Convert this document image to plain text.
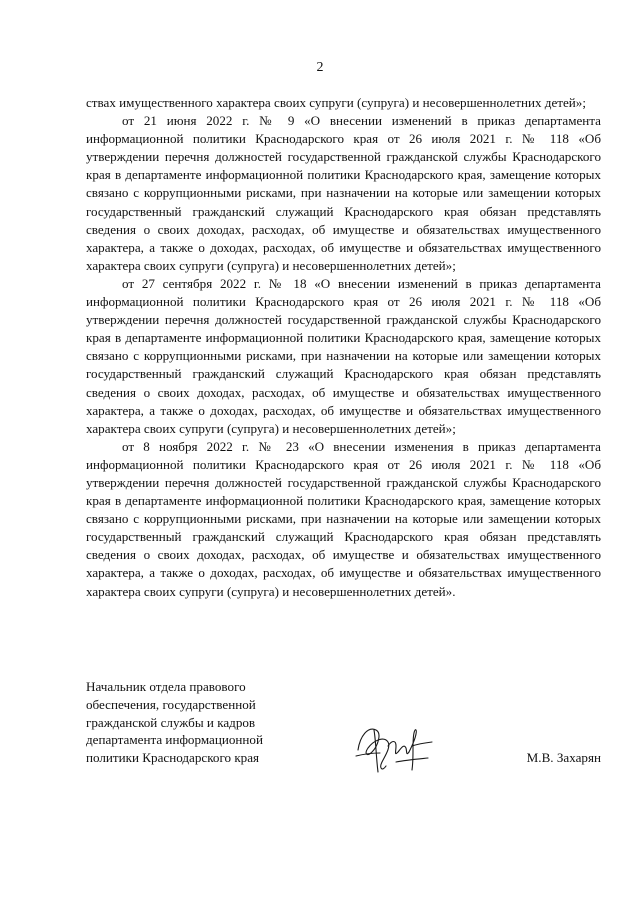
2

ствах имущественного характера своих супруги (супруга) и несовершеннолетних детей»;

от 21 июня 2022 г. № 9 «О внесении изменений в приказ департамента информационной политики Краснодарского края от 26 июля 2021 г. № 118 «Об утверждении перечня должностей государственной гражданской службы Краснодарского края в департаменте информационной политики Краснодарского края, замещение которых связано с коррупционными рисками, при назначении на которые или замещении которых государственный гражданский служащий Краснодарского края обязан представлять сведения о своих доходах, расходах, об имуществе и обязательствах имущественного характера, а также о доходах, расходах, об имуществе и обязательствах имущественного характера своих супруги (супруга) и несовершеннолетних детей»;

от 27 сентября 2022 г. № 18 «О внесении изменений в приказ департамента информационной политики Краснодарского края от 26 июля 2021 г. № 118 «Об утверждении перечня должностей государственной гражданской службы Краснодарского края в департаменте информационной политики Краснодарского края, замещение которых связано с коррупционными рисками, при назначении на которые или замещении которых государственный гражданский служащий Краснодарского края обязан представлять сведения о своих доходах, расходах, об имуществе и обязательствах имущественного характера, а также о доходах, расходах, об имуществе и обязательствах имущественного характера своих супруги (супруга) и несовершеннолетних детей»;

от 8 ноября 2022 г. № 23 «О внесении изменения в приказ департамента информационной политики Краснодарского края от 26 июля 2021 г. № 118 «Об утверждении перечня должностей государственной гражданской службы Краснодарского края в департаменте информационной политики Краснодарского края, замещение которых связано с коррупционными рисками, при назначении на которые или замещении которых государственный гражданский служащий Краснодарского края обязан представлять сведения о своих доходах, расходах, об имуществе и обязательствах имущественного характера, а также о доходах, расходах, об имуществе и обязательствах имущественного характера своих супруги (супруга) и несовершеннолетних детей».

Начальник отдела правового
обеспечения, государственной
гражданской службы и кадров
департамента информационной
политики Краснодарского края	М.В. Захарян
